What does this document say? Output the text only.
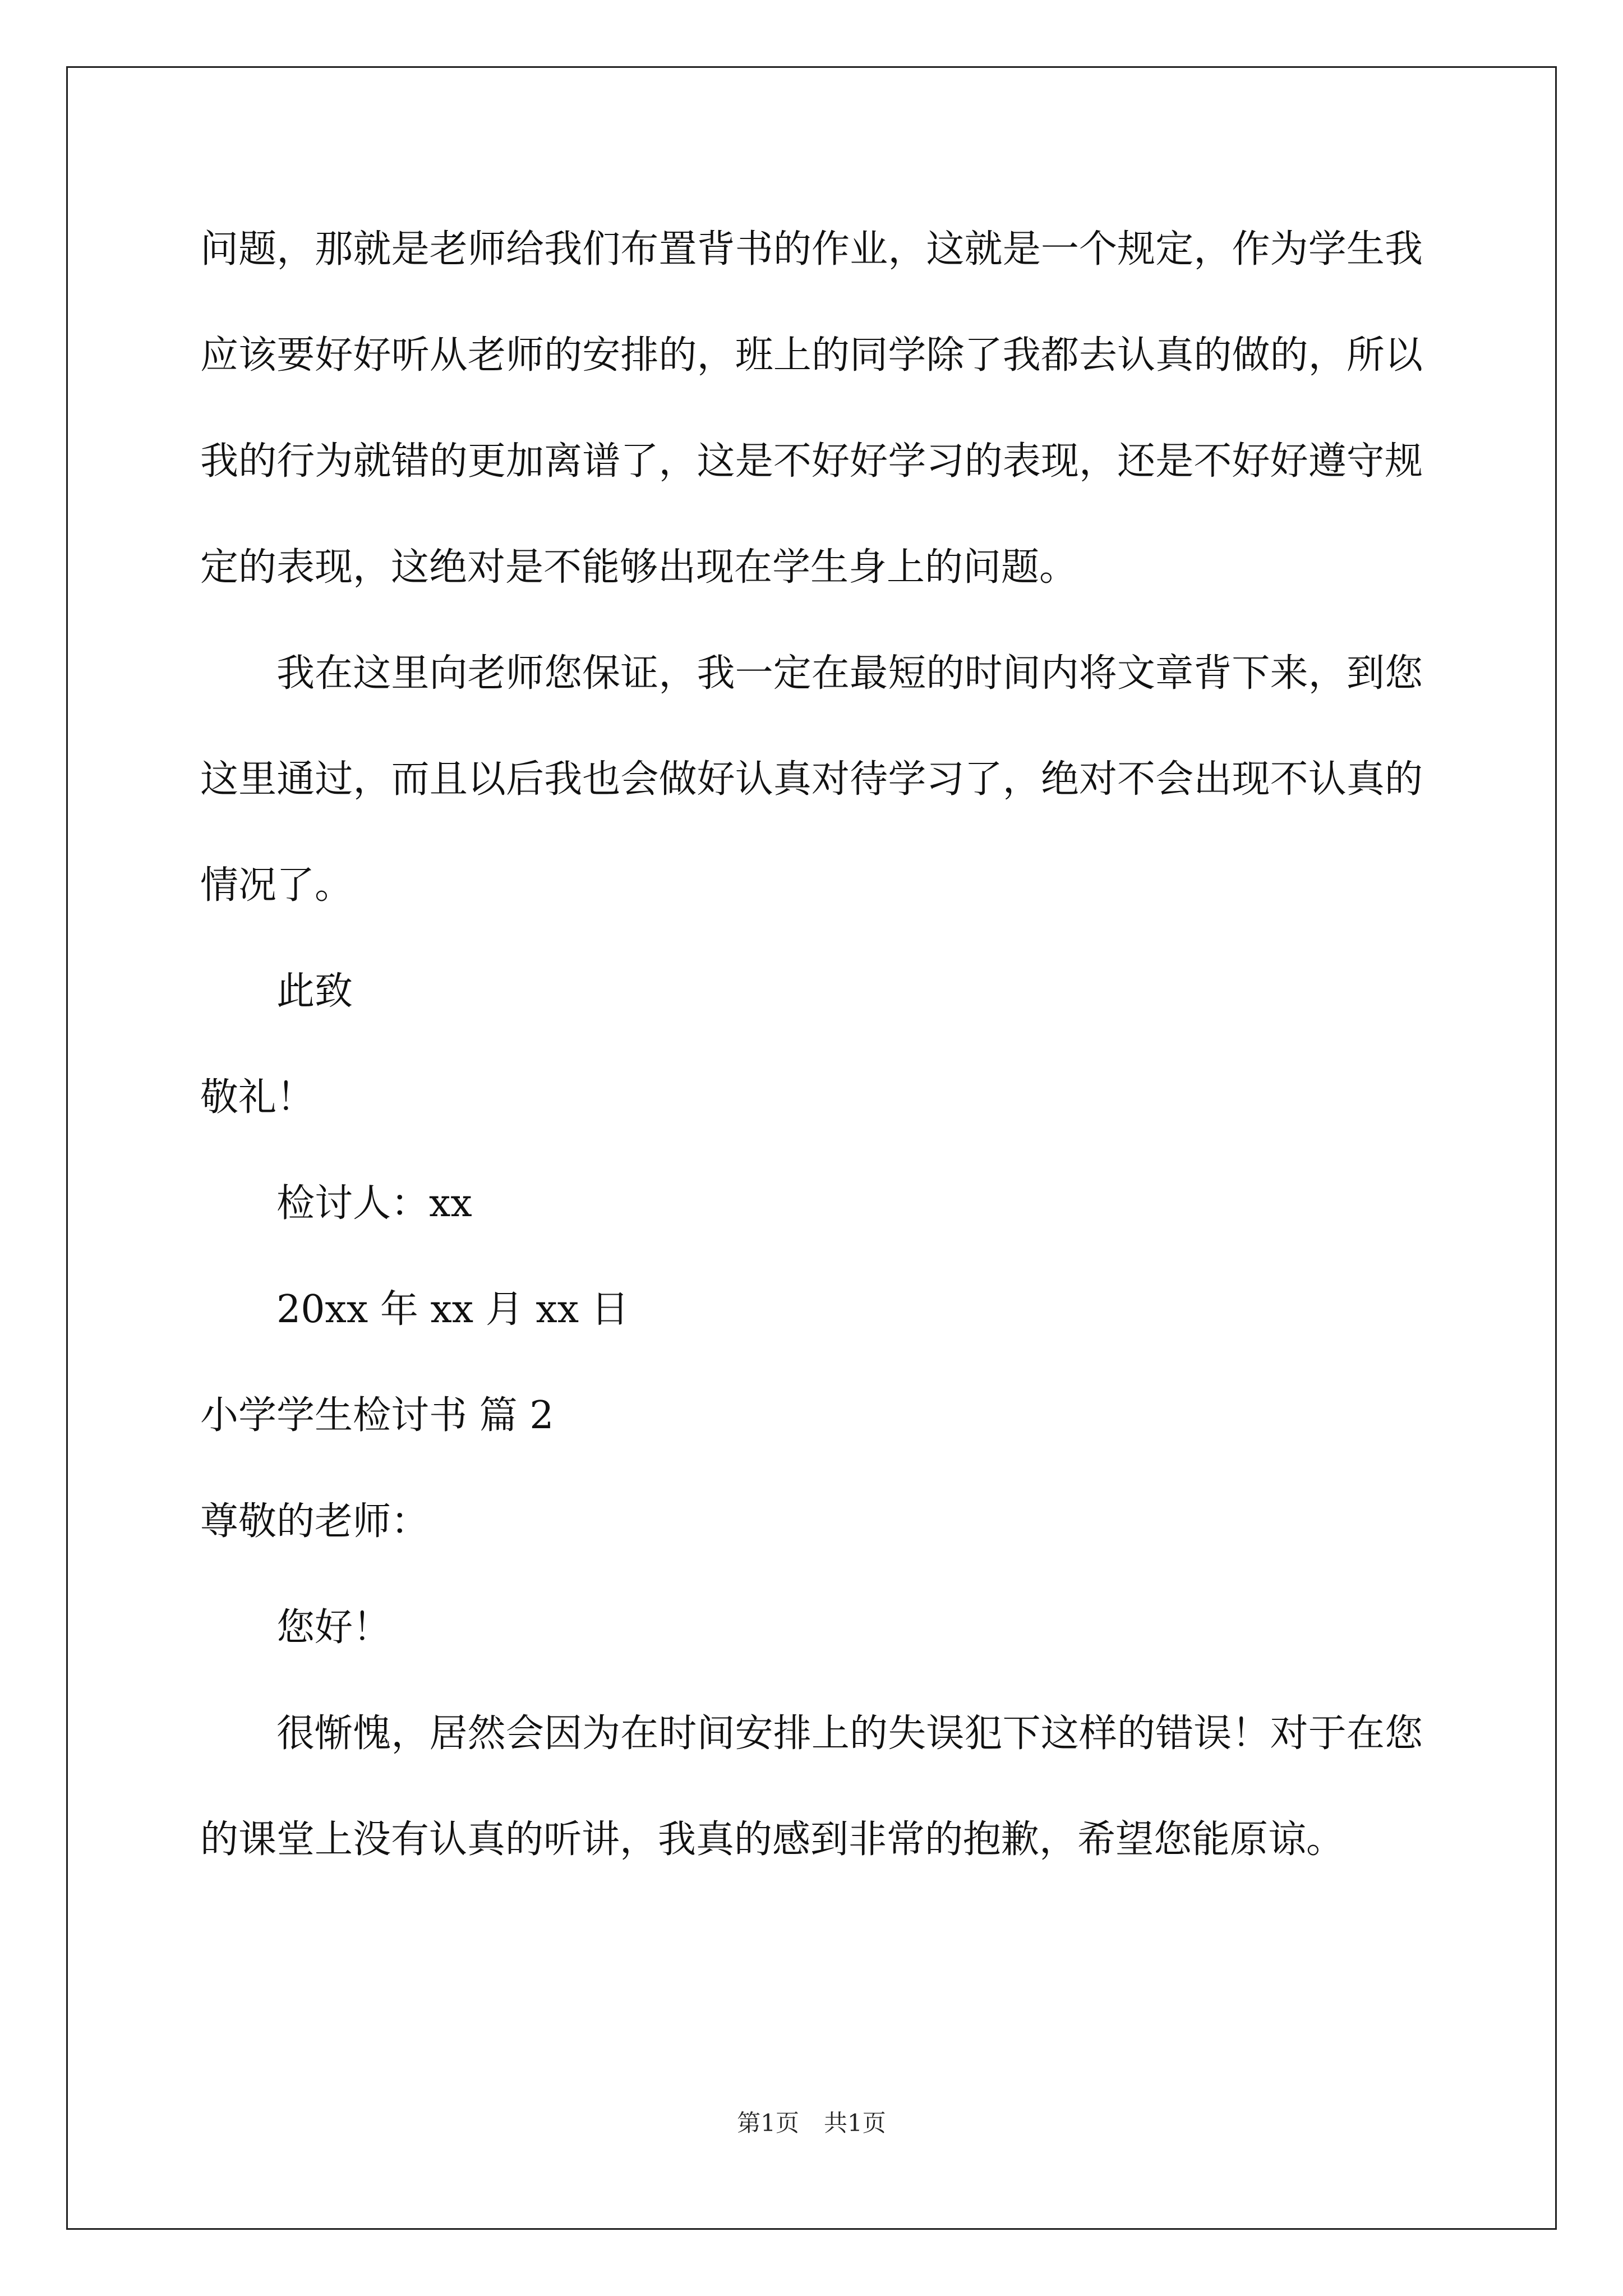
问题，那就是老师给我们布置背书的作业，这就是一个规定，作为学生我应该要好好听从老师的安排的，班上的同学除了我都去认真的做的，所以我的行为就错的更加离谱了，这是不好好学习的表现，还是不好好遵守规定的表现，这绝对是不能够出现在学生身上的问题。

我在这里向老师您保证，我一定在最短的时间内将文章背下来，到您这里通过，而且以后我也会做好认真对待学习了，绝对不会出现不认真的情况了。

此致

敬礼！

检讨人：xx

20xx 年 xx 月 xx 日

小学学生检讨书 篇 2

尊敬的老师：

您好！

很惭愧，居然会因为在时间安排上的失误犯下这样的错误！对于在您的课堂上没有认真的听讲，我真的感到非常的抱歉，希望您能原谅。

第1页 共1页
